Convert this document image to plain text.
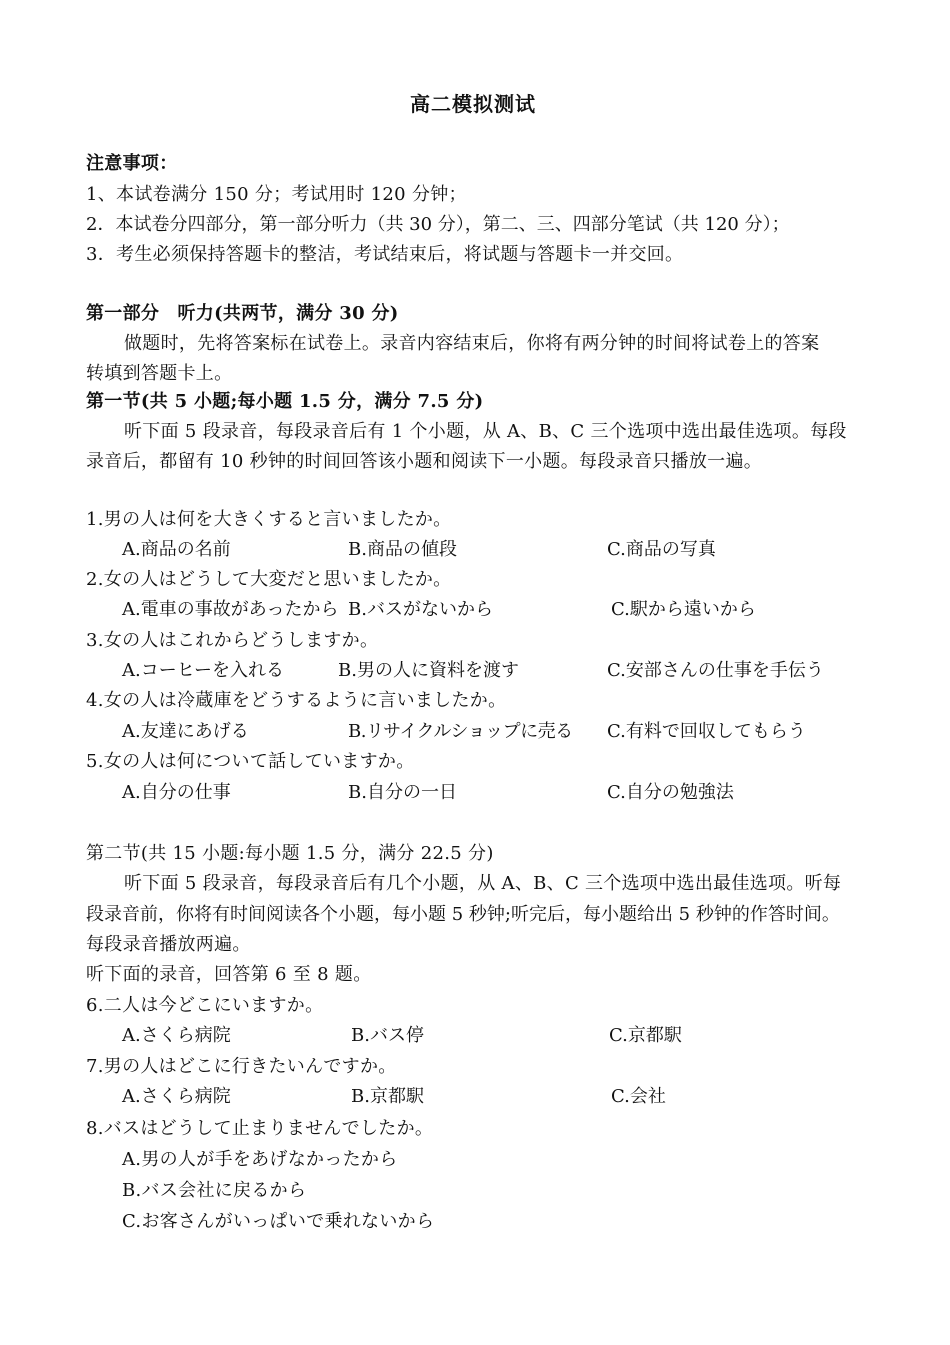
高二模拟测试
注意事项：
1、本试卷满分 150 分；考试用时 120 分钟；
2．本试卷分四部分，第一部分听力（共 30 分），第二、三、四部分笔试（共 120 分）；
3．考生必须保持答题卡的整洁，考试结束后，将试题与答题卡一并交回。
第一部分　听力(共两节，满分 30 分)
做题时，先将答案标在试卷上。录音内容结束后，你将有两分钟的时间将试卷上的答案
转填到答题卡上。
第一节(共 5 小题;每小题 1.5 分，满分 7.5 分)
听下面 5 段录音，每段录音后有 1 个小题，从 A、B、C 三个选项中选出最佳选项。每段
录音后，都留有 10 秒钟的时间回答该小题和阅读下一小题。每段录音只播放一遍。
1.男の人は何を大きくすると言いましたか。
A.商品の名前	B.商品の値段	C.商品の写真
2.女の人はどうして大変だと思いましたか。
A.電車の事故があったから B.バスがないから	C.駅から遠いから
3.女の人はこれからどうしますか。
A.コーヒーを入れる	B.男の人に資料を渡す	C.安部さんの仕事を手伝う
4.女の人は冷蔵庫をどうするように言いましたか。
A.友達にあげる	B.リサイクルショップに売る C.有料で回収してもらう
5.女の人は何について話していますか。
A.自分の仕事	B.自分の一日	C.自分の勉強法
第二节(共 15 小题:每小题 1.5 分，满分 22.5 分)
听下面 5 段录音，每段录音后有几个小题，从 A、B、C 三个选项中选出最佳选项。听每
段录音前，你将有时间阅读各个小题，每小题 5 秒钟;听完后，每小题给出 5 秒钟的作答时间。
每段录音播放两遍。
听下面的录音，回答第 6 至 8 题。
6.二人は今どこにいますか。
A.さくら病院	B.バス停	C.京都駅
7.男の人はどこに行きたいんですか。
A.さくら病院	B.京都駅	C.会社
8.バスはどうして止まりませんでしたか。
A.男の人が手をあげなかったから
B.バス会社に戻るから
C.お客さんがいっぱいで乗れないから
